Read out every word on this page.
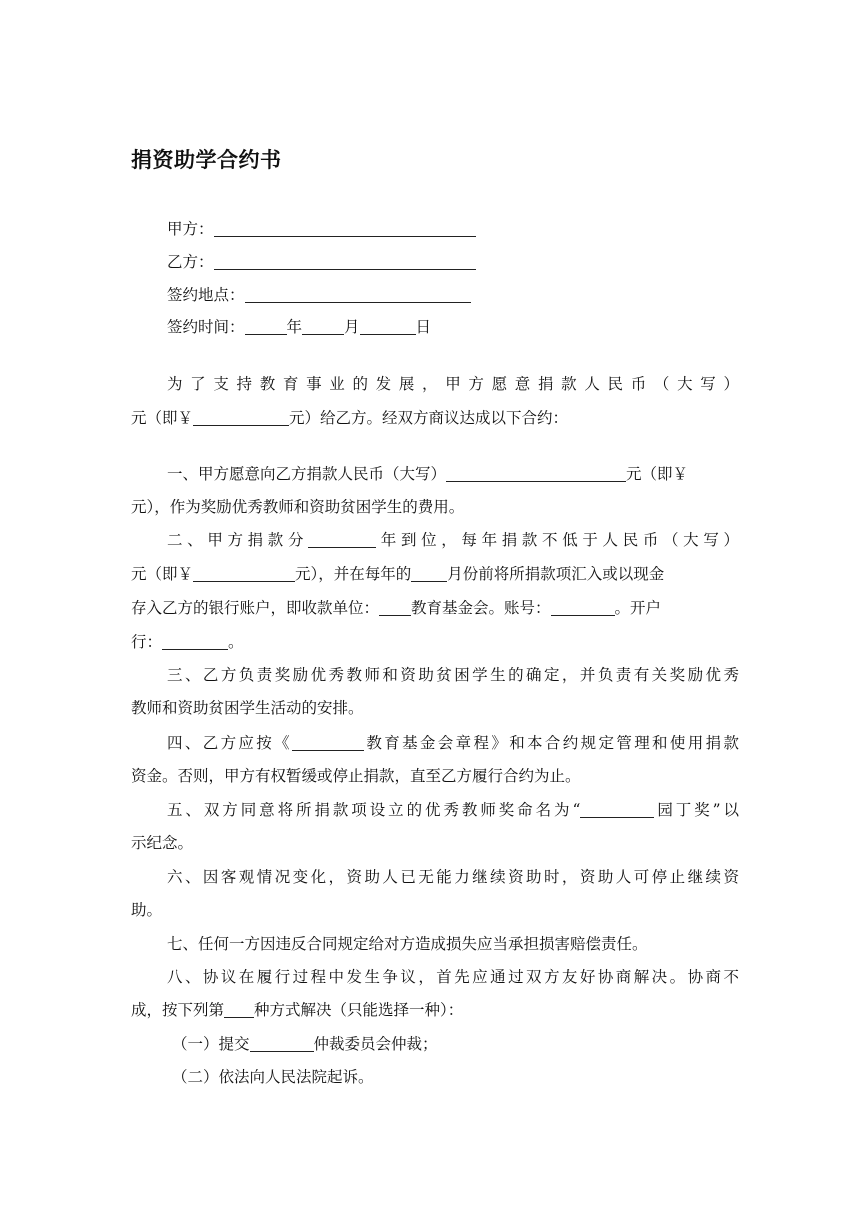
捐资助学合约书
甲方：
乙方：
签约地点：
签约时间：	年	月	日
为了支持教育事业的发展，甲方愿意捐款人民币（大写）
元（即￥	元）给乙方。经双方商议达成以下合约：
一、甲方愿意向乙方捐款人民币（大写）	元（即￥
元），作为奖励优秀教师和资助贫困学生的费用。
二、甲方捐款分	年到位，每年捐款不低于人民币（大写）
元（即￥	元），并在每年的 月份前将所捐款项汇入或以现金
存入乙方的银行账户，即收款单位： 教育基金会。账号：	。开户
行：	。
三、乙方负责奖励优秀教师和资助贫困学生的确定，并负责有关奖励优秀
教师和资助贫困学生活动的安排。
四、乙方应按《	教育基金会章程》和本合约规定管理和使用捐款
资金。否则，甲方有权暂缓或停止捐款，直至乙方履行合约为止。
五、双方同意将所捐款项设立的优秀教师奖命名为“	园丁奖”以
示纪念。
六、因客观情况变化，资助人已无能力继续资助时，资助人可停止继续资
助。
七、任何一方因违反合同规定给对方造成损失应当承担损害赔偿责任。
八、协议在履行过程中发生争议，首先应通过双方友好协商解决。协商不
成，按下列第 种方式解决（只能选择一种）：
（一）提交	仲裁委员会仲裁；
（二）依法向人民法院起诉。
